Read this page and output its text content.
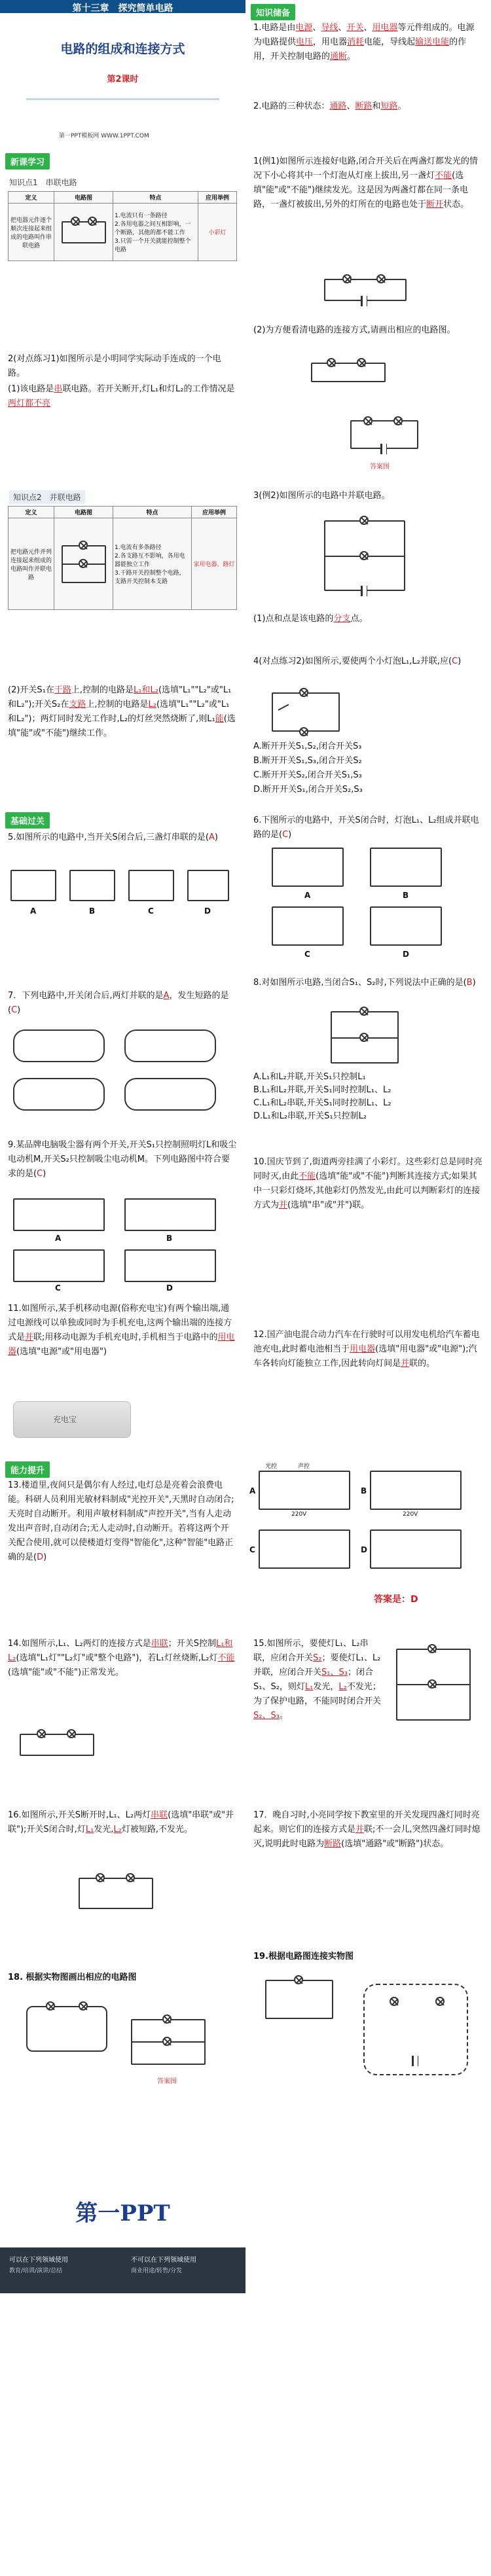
第十三章　探究简单电路
电路的组成和连接方式
第2课时
第一PPT模板网 WWW.1PPT.COM
知识储备
1.电路是由电源、导线、开关、用电器等元件组成的。电源为电路提供电压，用电器消耗电能，导线起输送电能的作用，开关控制电路的通断。
2.电路的三种状态：通路、断路和短路。
新课学习
知识点1　串联电路
定义	电路图	特点	应用举例
把电器元件逐个顺次连接起来组成的电路叫作串联电路		1.电流只有一条路径
2.各用电器之间互相影响，一个断路，其他的都不能工作
3.只需一个开关就能控制整个电路	小彩灯
1(例1)如图所示连接好电路,闭合开关后在两盏灯都发光的情况下小心将其中一个灯泡从灯座上拔出,另一盏灯不能(选填"能"或"不能")继续发光。这是因为两盏灯都在同一条电路，一盏灯被拔出,另外的灯所在的电路也处于断开状态。
2(对点练习1)如图所示是小明同学实际动手连成的一个电路。
(1)该电路是串联电路。若开关断开,灯L₁和灯L₂的工作情况是两灯都不亮
(2)为方便看清电路的连接方式,请画出相应的电路图。
答案图
知识点2　并联电路
定义	电路图	特点	应用举例
把电路元件并列连接起来组成的电路叫作并联电路		1.电流有多条路径
2.各支路互不影响，各用电器能独立工作
3.干路开关控制整个电路，支路开关控制本支路	家用电器、路灯
3(例2)如图所示的电路中并联电路。
(1)点和点是该电路的分支点。
(2)开关S₁在干路上,控制的电路是L₁和L₂(选填"L₁""L₂"或"L₁和L₂");开关S₂在支路上,控制的电路是L₂(选填"L₁""L₂"或"L₁和L₂")；两灯同时发光工作时,L₂的灯丝突然烧断了,则L₁能(选填"能"或"不能")继续工作。
4(对点练习2)如图所示,要使两个小灯泡L₁,L₂并联,应(C)
A.断开开关S₁,S₂,闭合开关S₃
B.断开开关S₁,S₃,闭合开关S₂
C.断开开关S₂,闭合开关S₁,S₃
D.断开开关S₁,闭合开关S₂,S₃
基础过关
5.如图所示的电路中,当开关S闭合后,三盏灯串联的是(A)
A	B	C	D
6.下图所示的电路中，开关S闭合时，灯泡L₁、L₂组成并联电路的是(C)
A	B
C	D
7．下列电路中,开关闭合后,两灯并联的是A，发生短路的是(C)
8.对如图所示电路,当闭合S₁、S₂时,下列说法中正确的是(B)
A.L₁和L₂并联,开关S₁只控制L₁
B.L₁和L₂并联,开关S₁同时控制L₁、L₂
C.L₁和L₂串联,开关S₁同时控制L₁、L₂
D.L₁和L₂串联,开关S₁只控制L₂
9.某品牌电脑吸尘器有两个开关,开关S₁只控制照明灯L和吸尘电动机M,开关S₂只控制吸尘电动机M。下列电路图中符合要求的是(C)
A	B
C	D
10.国庆节到了,街道两旁挂满了小彩灯。这些彩灯总是同时亮同时灭,由此不能(选填"能"或"不能")判断其连接方式;如果其中一只彩灯烧坏,其他彩灯仍然发光,由此可以判断彩灯的连接方式为并(选填"串"或"并")联。
11.如图所示,某手机移动电源(俗称充电宝)有两个输出端,通过电源线可以单独或同时为手机充电,这两个输出端的连接方式是并联;用移动电源为手机充电时,手机相当于电路中的用电器(选填"电源"或"用电器")
充电宝
12.国产油电混合动力汽车在行驶时可以用发电机给汽车蓄电池充电,此时蓄电池相当于用电器(选填"用电器"或"电源");汽车各转向灯能独立工作,因此转向灯间是并联的。
能力提升
13.楼道里,夜间只是偶尔有人经过,电灯总是亮着会浪费电能。科研人员利用光敏材料制成"光控开关",天黑时自动闭合;天亮时自动断开。利用声敏材料制成"声控开关",当有人走动发出声音时,自动闭合;无人走动时,自动断开。若将这两个开关配合使用,就可以使楼道灯变得"智能化",这种"智能"电路正确的是(D)
光控	声控
220V	220V
A	B
C	D
答案是：D
14.如图所示,L₁、L₂两灯的连接方式是串联；开关S控制L₁和L₂(选填"L₁灯""L₂灯"或"整个电路")，若L₁灯丝烧断,L₂灯不能(选填"能"或"不能")正常发光。
15.如图所示，要使灯L₁、L₂串联，应闭合开关S₂；要使灯L₁、L₂并联，应闭合开关S₁、S₃；闭合S₁、S₂，则灯L₁发光，L₂不发光；为了保护电路，不能同时闭合开关S₂、S₃。
16.如图所示,开关S断开时,L₁、L₂两灯串联(选填"串联"或"并联");开关S闭合时,灯L₁发光,L₂灯被短路,不发光。
17．晚自习时,小亮同学按下教室里的开关发现四盏灯同时亮起来。则它们的连接方式是并联;不一会儿,突然四盏灯同时熄灭,说明此时电路为断路(选填"通路"或"断路")状态。
18. 根据实物图画出相应的电路图
答案图
19.根据电路图连接实物图
第一PPT
可以在下列领域使用
教育/培训/演讲/总结
不可以在下列领域使用
商业用途/转售/分发
